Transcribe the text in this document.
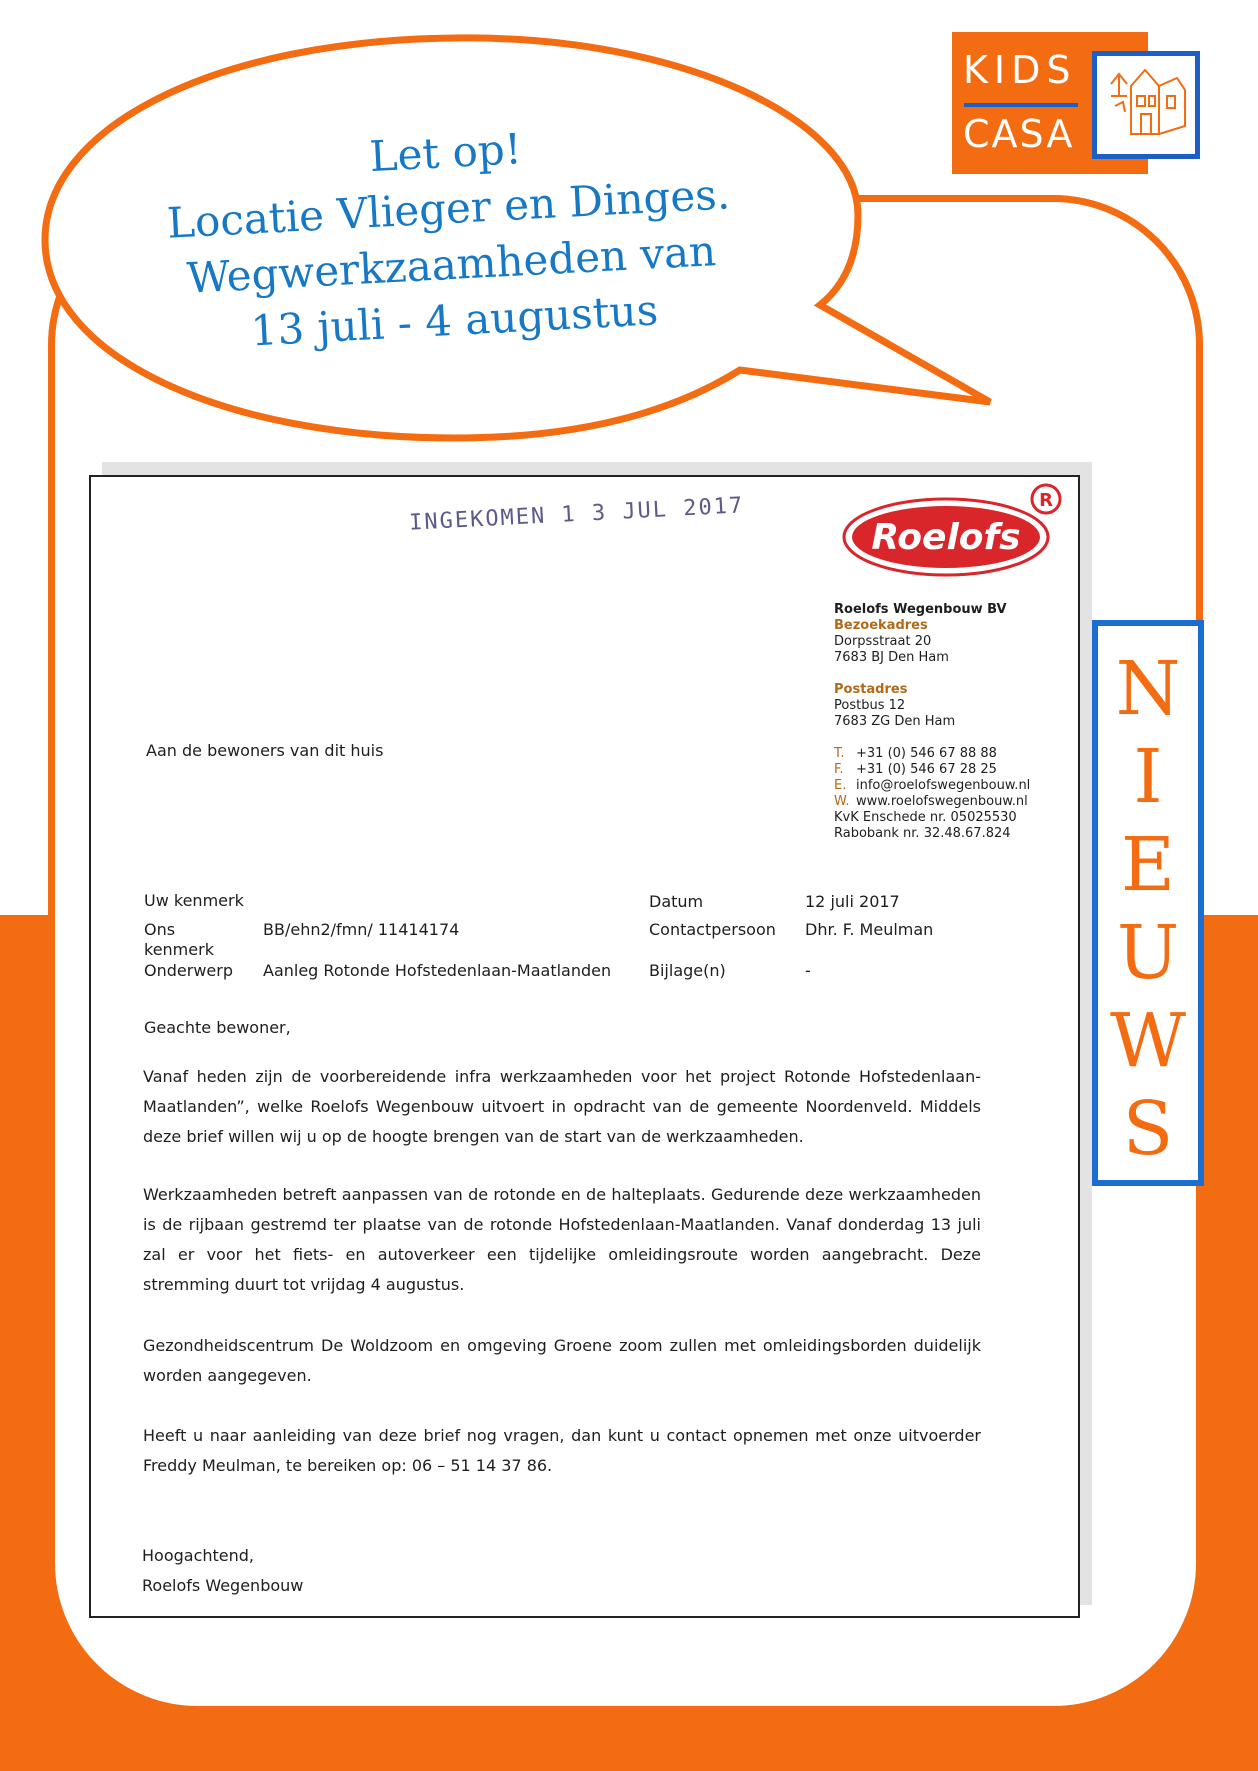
Let op!
Locatie Vlieger en Dinges.
Wegwerkzaamheden van
13 juli - 4 augustus
KIDS
CASA
N
I
E
U
W
S
INGEKOMEN 1 3 JUL 2017
Roelofs
R
Roelofs Wegenbouw BV
Bezoekadres
Dorpsstraat 20
7683 BJ Den Ham
Postadres
Postbus 12
7683 ZG Den Ham
T. +31 (0) 546 67 88 88
F. +31 (0) 546 67 28 25
E. info@roelofswegenbouw.nl
W. www.roelofswegenbouw.nl
KvK Enschede nr. 05025530
Rabobank nr. 32.48.67.824
Aan de bewoners van dit huis
Uw kenmerk
Ons
kenmerk
BB/ehn2/fmn/ 11414174
Onderwerp Aanleg Rotonde Hofstedenlaan-Maatlanden
Datum	12 juli 2017
Contactpersoon Dhr. F. Meulman
Bijlage(n)	-
Geachte bewoner,
Vanaf heden zijn de voorbereidende infra werkzaamheden voor het project Rotonde Hofstedenlaan-Maatlanden”, welke Roelofs Wegenbouw uitvoert in opdracht van de gemeente Noordenveld. Middels deze brief willen wij u op de hoogte brengen van de start van de werkzaamheden.
Werkzaamheden betreft aanpassen van de rotonde en de halteplaats. Gedurende deze werkzaamheden is de rijbaan gestremd ter plaatse van de rotonde Hofstedenlaan-Maatlanden. Vanaf donderdag 13 juli zal er voor het fiets- en autoverkeer een tijdelijke omleidingsroute worden aangebracht. Deze stremming duurt tot vrijdag 4 augustus.
Gezondheidscentrum De Woldzoom en omgeving Groene zoom zullen met omleidingsborden duidelijk worden aangegeven.
Heeft u naar aanleiding van deze brief nog vragen, dan kunt u contact opnemen met onze uitvoerder Freddy Meulman, te bereiken op: 06 – 51 14 37 86.
Hoogachtend,
Roelofs Wegenbouw
